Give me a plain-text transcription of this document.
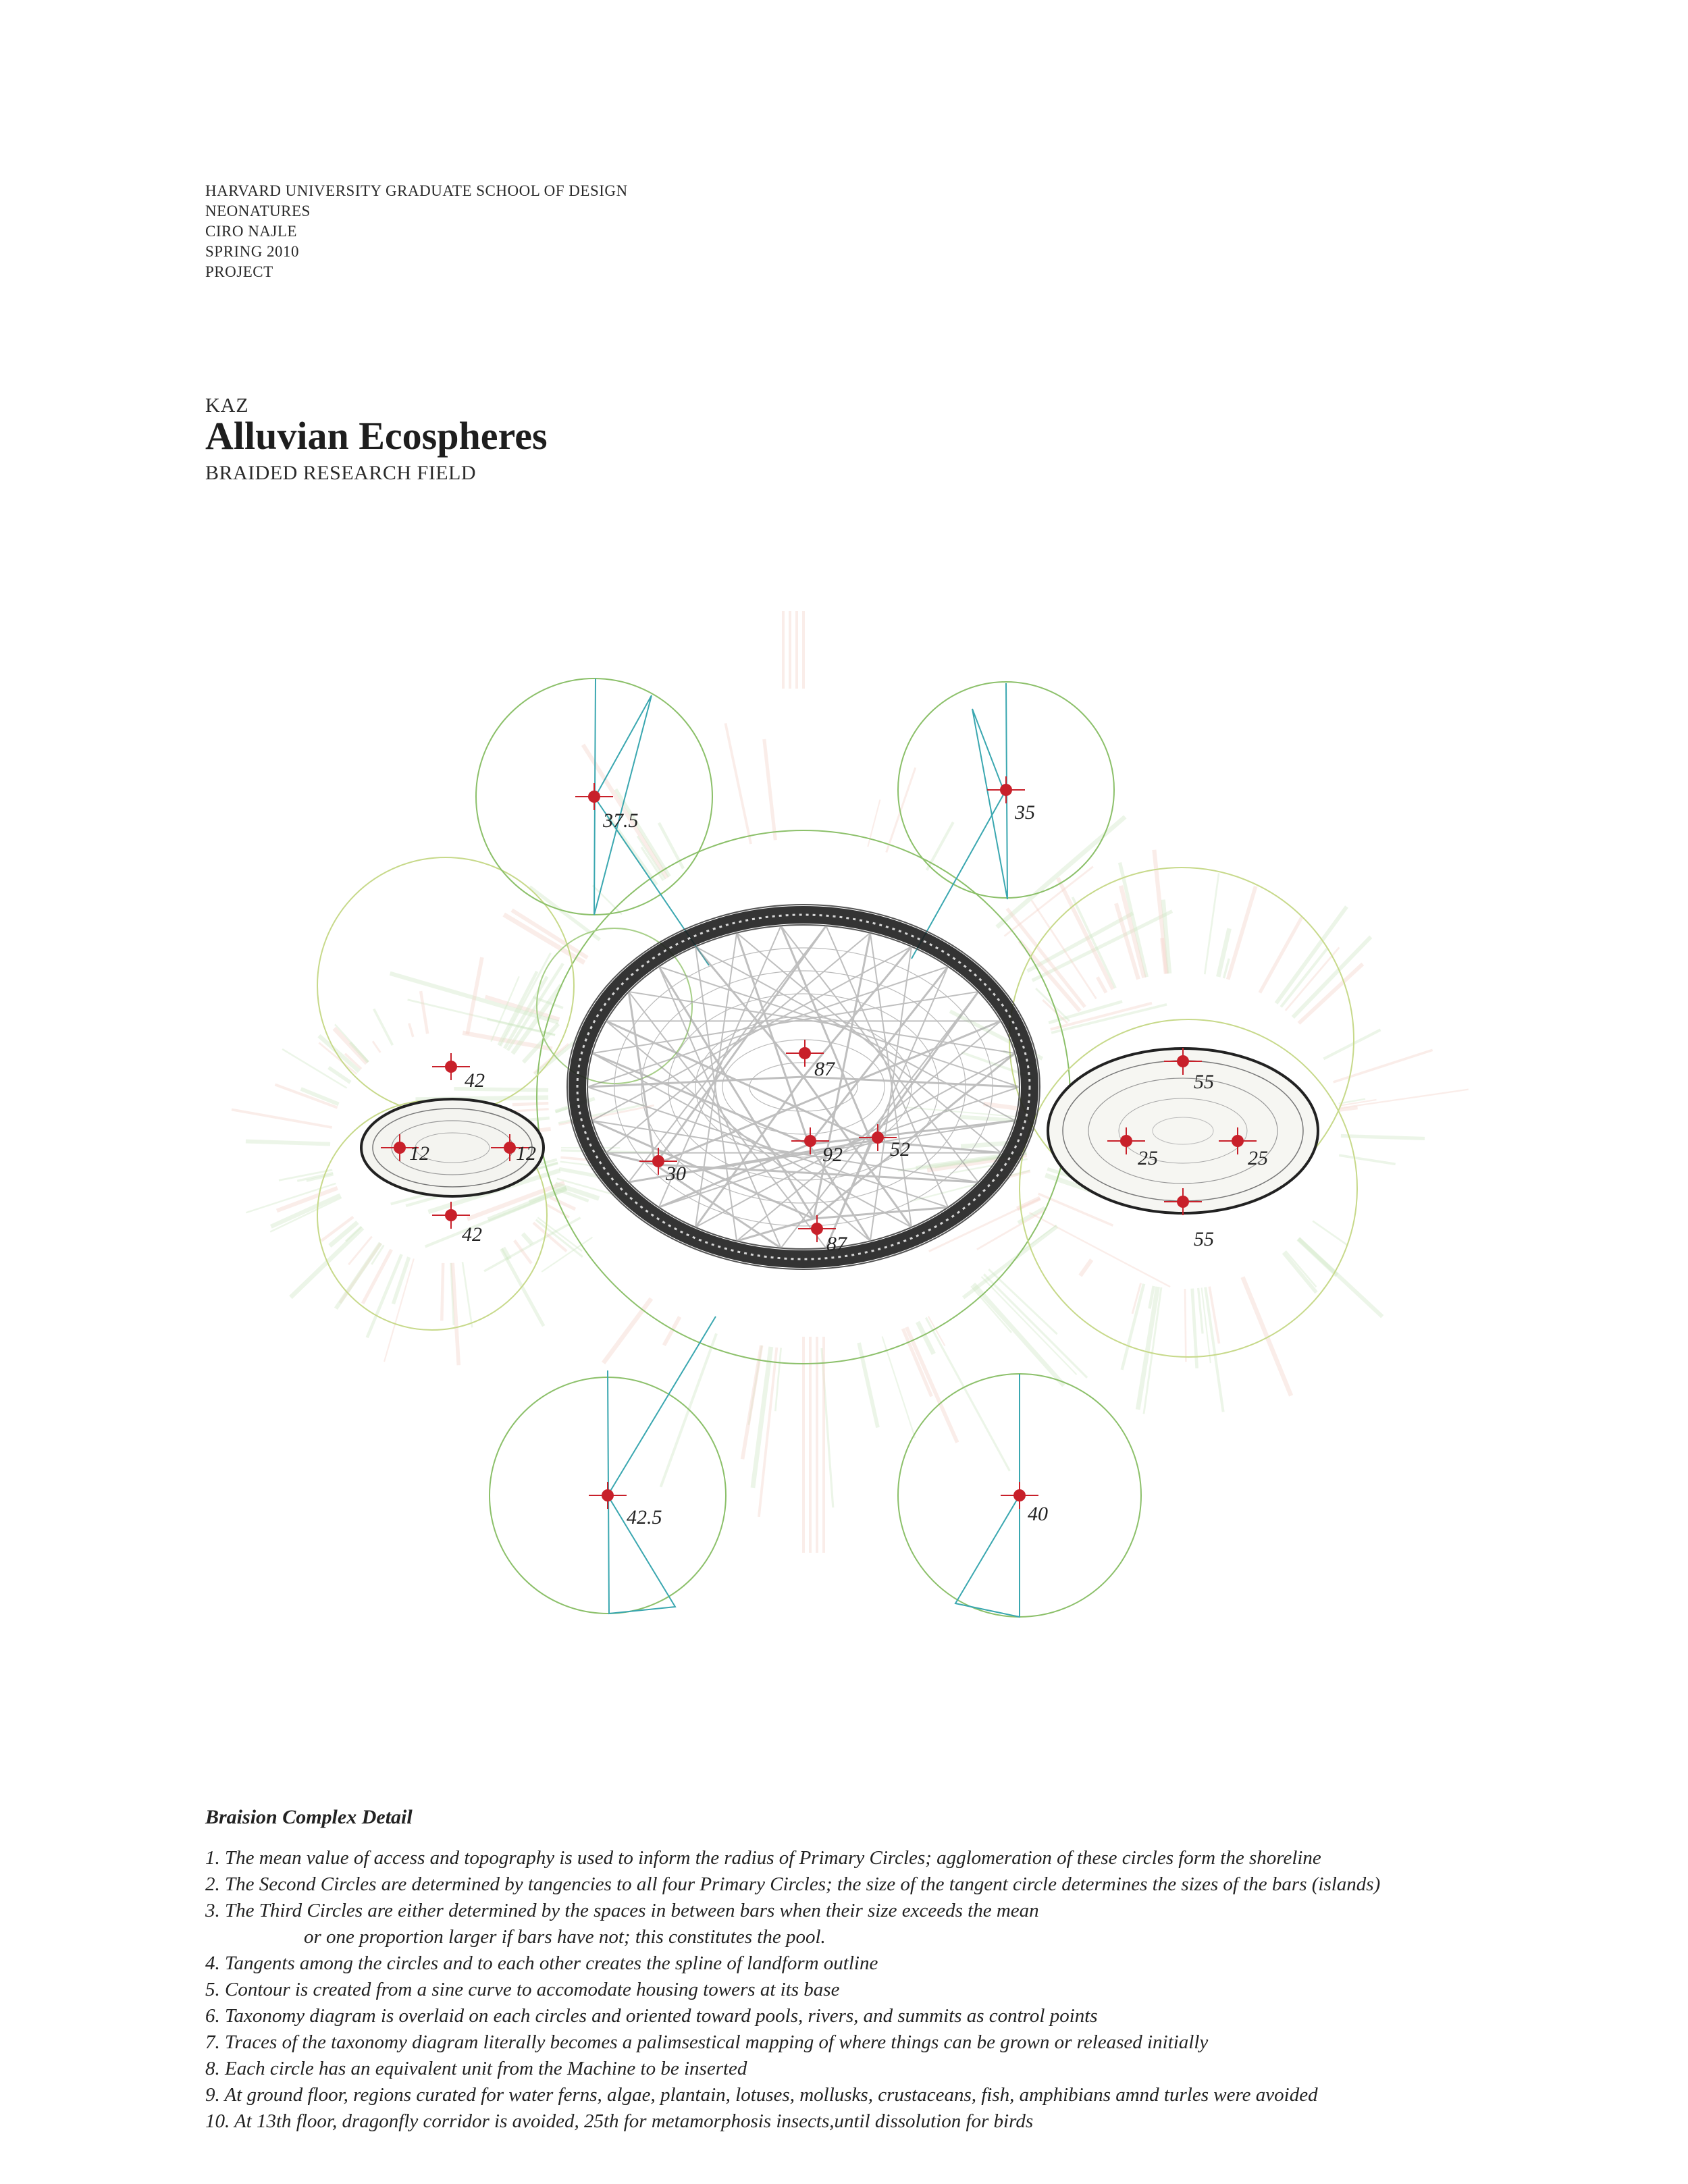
HARVARD UNIVERSITY GRADUATE SCHOOL OF DESIGN
NEONATURES
CIRO NAJLE
SPRING 2010
PROJECT
KAZ
Alluvian Ecospheres
BRAIDED RESEARCH FIELD
37.5	35
42
12	12
42
87
92 52
30
87
55
25	25
55
42.5	40
Braision Complex Detail
1. The mean value of access and topography is used to inform the radius of Primary Circles; agglomeration of these circles form the shoreline
2. The Second Circles are determined by tangencies to all four Primary Circles; the size of the tangent circle determines the sizes of the bars (islands)
3. The Third Circles are either determined by the spaces in between bars when their size exceeds the mean
or one proportion larger if bars have not; this constitutes the pool.
4. Tangents among the circles and to each other creates the spline of landform outline
5. Contour is created from a sine curve to accomodate housing towers at its base
6. Taxonomy diagram is overlaid on each circles and oriented toward pools, rivers, and summits as control points
7. Traces of the taxonomy diagram literally becomes a palimsestical mapping of where things can be grown or released initially
8. Each circle has an equivalent unit from the Machine to be inserted
9. At ground floor, regions curated for water ferns, algae, plantain, lotuses, mollusks, crustaceans, fish, amphibians amnd turles were avoided
10. At 13th floor, dragonfly corridor is avoided, 25th for metamorphosis insects,until dissolution for birds
